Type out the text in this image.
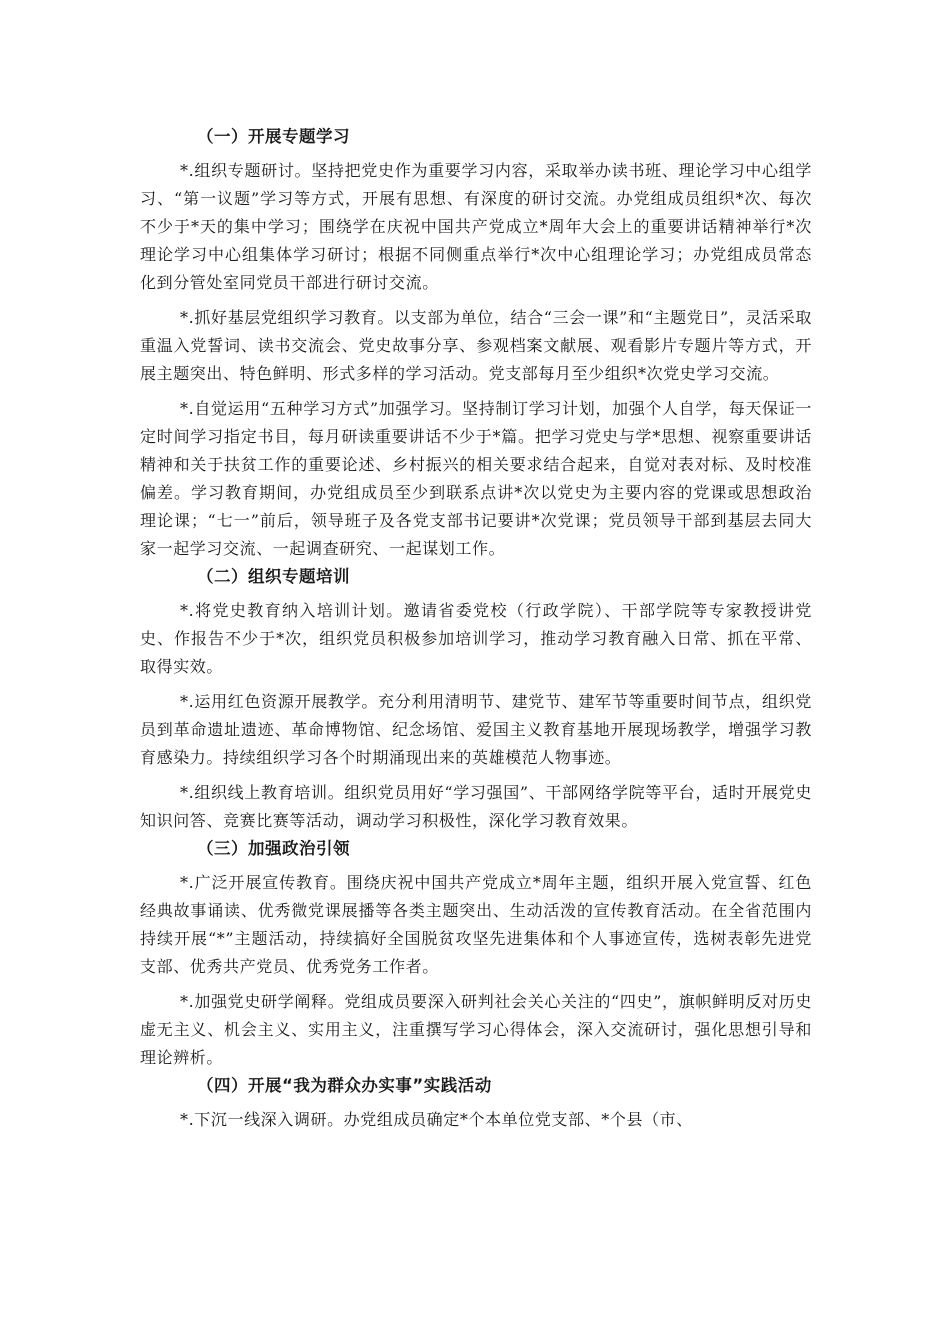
（一）开展专题学习

*.组织专题研讨。坚持把党史作为重要学习内容，采取举办读书班、理论学习中心组学习、“第一议题”学习等方式，开展有思想、有深度的研讨交流。办党组成员组织*次、每次不少于*天的集中学习；围绕学在庆祝中国共产党成立*周年大会上的重要讲话精神举行*次理论学习中心组集体学习研讨；根据不同侧重点举行*次中心组理论学习；办党组成员常态化到分管处室同党员干部进行研讨交流。

*.抓好基层党组织学习教育。以支部为单位，结合“三会一课”和“主题党日”，灵活采取重温入党誓词、读书交流会、党史故事分享、参观档案文献展、观看影片专题片等方式，开展主题突出、特色鲜明、形式多样的学习活动。党支部每月至少组织*次党史学习交流。

*.自觉运用“五种学习方式”加强学习。坚持制订学习计划，加强个人自学，每天保证一定时间学习指定书目，每月研读重要讲话不少于*篇。把学习党史与学*思想、视察重要讲话精神和关于扶贫工作的重要论述、乡村振兴的相关要求结合起来，自觉对表对标、及时校准偏差。学习教育期间，办党组成员至少到联系点讲*次以党史为主要内容的党课或思想政治理论课；“七一”前后，领导班子及各党支部书记要讲*次党课；党员领导干部到基层去同大家一起学习交流、一起调查研究、一起谋划工作。

（二）组织专题培训

*.将党史教育纳入培训计划。邀请省委党校（行政学院）、干部学院等专家教授讲党史、作报告不少于*次，组织党员积极参加培训学习，推动学习教育融入日常、抓在平常、取得实效。

*.运用红色资源开展教学。充分利用清明节、建党节、建军节等重要时间节点，组织党员到革命遗址遗迹、革命博物馆、纪念场馆、爱国主义教育基地开展现场教学，增强学习教育感染力。持续组织学习各个时期涌现出来的英雄模范人物事迹。

*.组织线上教育培训。组织党员用好“学习强国”、干部网络学院等平台，适时开展党史知识问答、竞赛比赛等活动，调动学习积极性，深化学习教育效果。

（三）加强政治引领

*.广泛开展宣传教育。围绕庆祝中国共产党成立*周年主题，组织开展入党宣誓、红色经典故事诵读、优秀微党课展播等各类主题突出、生动活泼的宣传教育活动。在全省范围内持续开展“*”主题活动，持续搞好全国脱贫攻坚先进集体和个人事迹宣传，选树表彰先进党支部、优秀共产党员、优秀党务工作者。

*.加强党史研学阐释。党组成员要深入研判社会关心关注的“四史”，旗帜鲜明反对历史虚无主义、机会主义、实用主义，注重撰写学习心得体会，深入交流研讨，强化思想引导和理论辨析。

（四）开展“我为群众办实事”实践活动

*.下沉一线深入调研。办党组成员确定*个本单位党支部、*个县（市、
